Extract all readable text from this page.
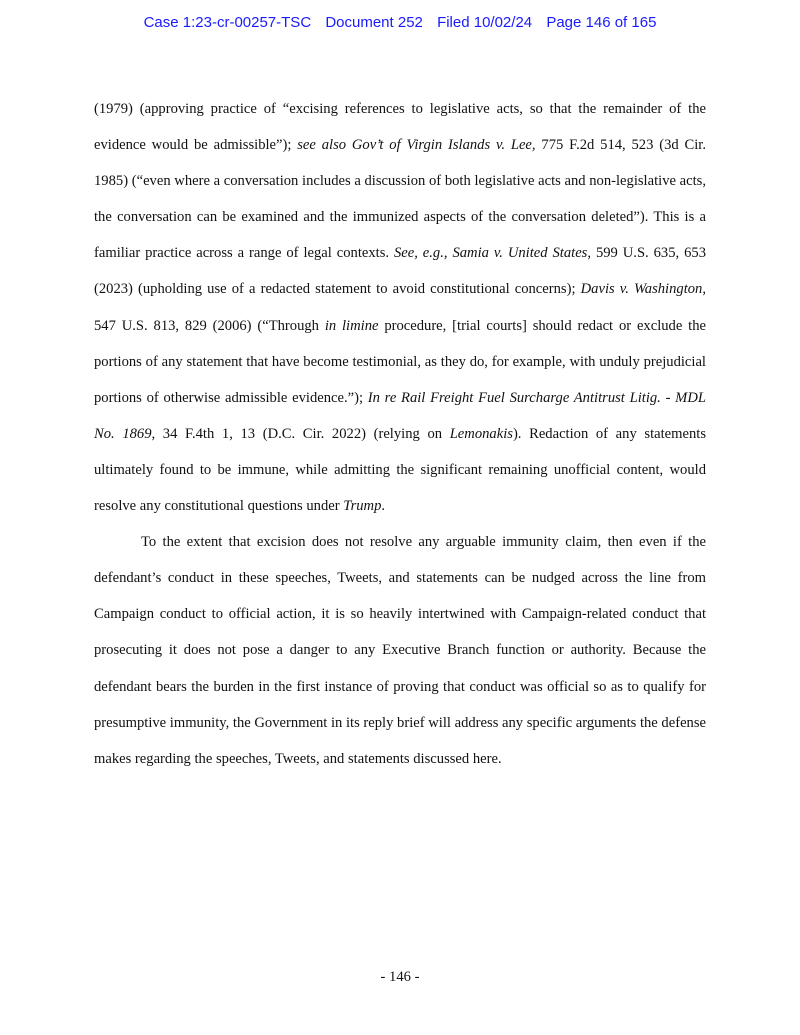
Case 1:23-cr-00257-TSC Document 252 Filed 10/02/24 Page 146 of 165

(1979) (approving practice of “excising references to legislative acts, so that the remainder of the evidence would be admissible”); see also Gov’t of Virgin Islands v. Lee, 775 F.2d 514, 523 (3d Cir. 1985) (“even where a conversation includes a discussion of both legislative acts and non-legislative acts, the conversation can be examined and the immunized aspects of the conversation deleted”). This is a familiar practice across a range of legal contexts. See, e.g., Samia v. United States, 599 U.S. 635, 653 (2023) (upholding use of a redacted statement to avoid constitutional concerns); Davis v. Washington, 547 U.S. 813, 829 (2006) (“Through in limine procedure, [trial courts] should redact or exclude the portions of any statement that have become testimonial, as they do, for example, with unduly prejudicial portions of otherwise admissible evidence.”); In re Rail Freight Fuel Surcharge Antitrust Litig. - MDL No. 1869, 34 F.4th 1, 13 (D.C. Cir. 2022) (relying on Lemonakis). Redaction of any statements ultimately found to be immune, while admitting the significant remaining unofficial content, would resolve any constitutional questions under Trump.

To the extent that excision does not resolve any arguable immunity claim, then even if the defendant’s conduct in these speeches, Tweets, and statements can be nudged across the line from Campaign conduct to official action, it is so heavily intertwined with Campaign-related conduct that prosecuting it does not pose a danger to any Executive Branch function or authority. Because the defendant bears the burden in the first instance of proving that conduct was official so as to qualify for presumptive immunity, the Government in its reply brief will address any specific arguments the defense makes regarding the speeches, Tweets, and statements discussed here.

- 146 -
